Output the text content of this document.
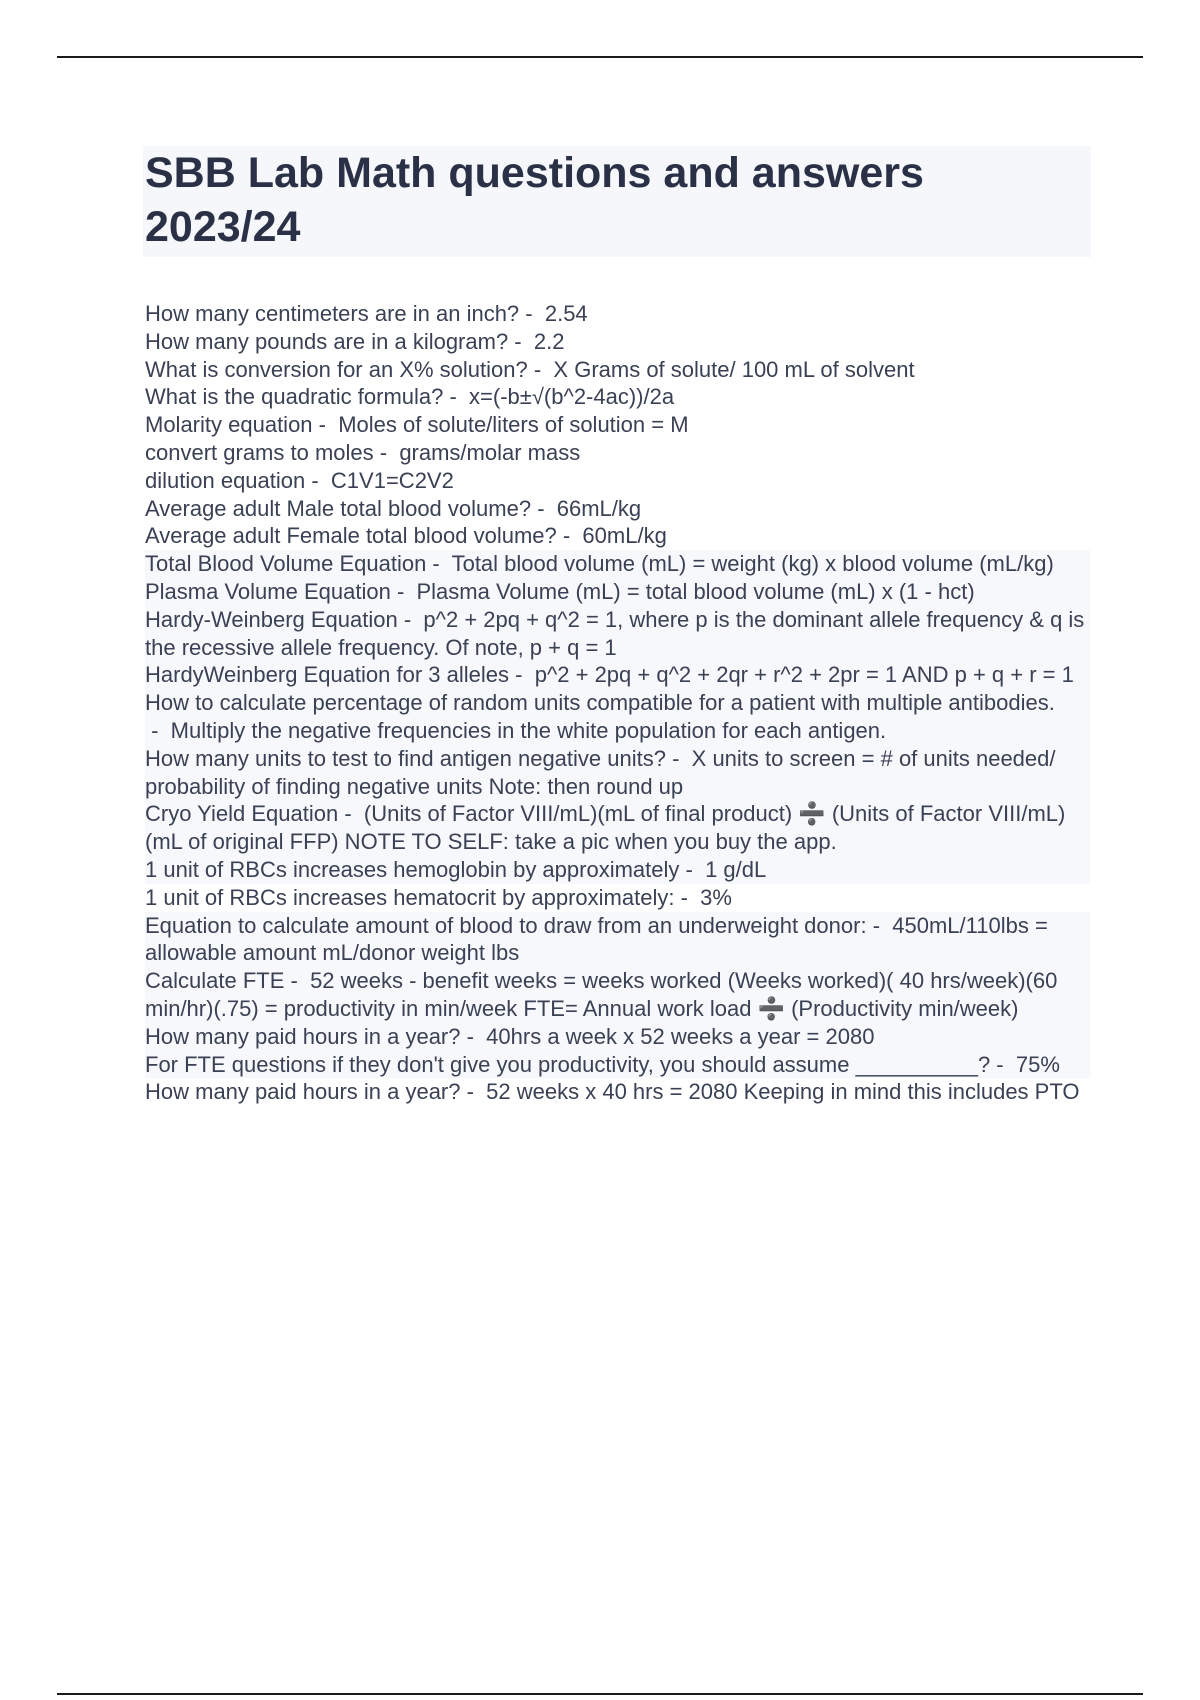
SBB Lab Math questions and answers 2023/24
How many centimeters are in an inch? -  2.54
How many pounds are in a kilogram? -  2.2
What is conversion for an X% solution? -  X Grams of solute/ 100 mL of solvent
What is the quadratic formula? -  x=(-b±√(b^2-4ac))/2a
Molarity equation -  Moles of solute/liters of solution = M
convert grams to moles -  grams/molar mass
dilution equation -  C1V1=C2V2
Average adult Male total blood volume? -  66mL/kg
Average adult Female total blood volume? -  60mL/kg
Total Blood Volume Equation -  Total blood volume (mL) = weight (kg) x blood volume (mL/kg)
Plasma Volume Equation -  Plasma Volume (mL) = total blood volume (mL) x (1 - hct)
Hardy-Weinberg Equation -  p^2 + 2pq + q^2 = 1, where p is the dominant allele frequency & q is the recessive allele frequency. Of note, p + q = 1
HardyWeinberg Equation for 3 alleles -  p^2 + 2pq + q^2 + 2qr + r^2 + 2pr = 1 AND p + q + r = 1
How to calculate percentage of random units compatible for a patient with multiple antibodies. -  Multiply the negative frequencies in the white population for each antigen.
How many units to test to find antigen negative units? -  X units to screen = # of units needed/ probability of finding negative units Note: then round up
Cryo Yield Equation -  (Units of Factor VIII/mL)(mL of final product) ➗ (Units of Factor VIII/mL)(mL of original FFP) NOTE TO SELF: take a pic when you buy the app.
1 unit of RBCs increases hemoglobin by approximately -  1 g/dL
1 unit of RBCs increases hematocrit by approximately: -  3%
Equation to calculate amount of blood to draw from an underweight donor: -  450mL/110lbs = allowable amount mL/donor weight lbs
Calculate FTE -  52 weeks - benefit weeks = weeks worked (Weeks worked)( 40 hrs/week)(60 min/hr)(.75) = productivity in min/week FTE= Annual work load ➗ (Productivity min/week)
How many paid hours in a year? -  40hrs a week x 52 weeks a year = 2080
For FTE questions if they don't give you productivity, you should assume __________? -  75%
How many paid hours in a year? -  52 weeks x 40 hrs = 2080 Keeping in mind this includes PTO
